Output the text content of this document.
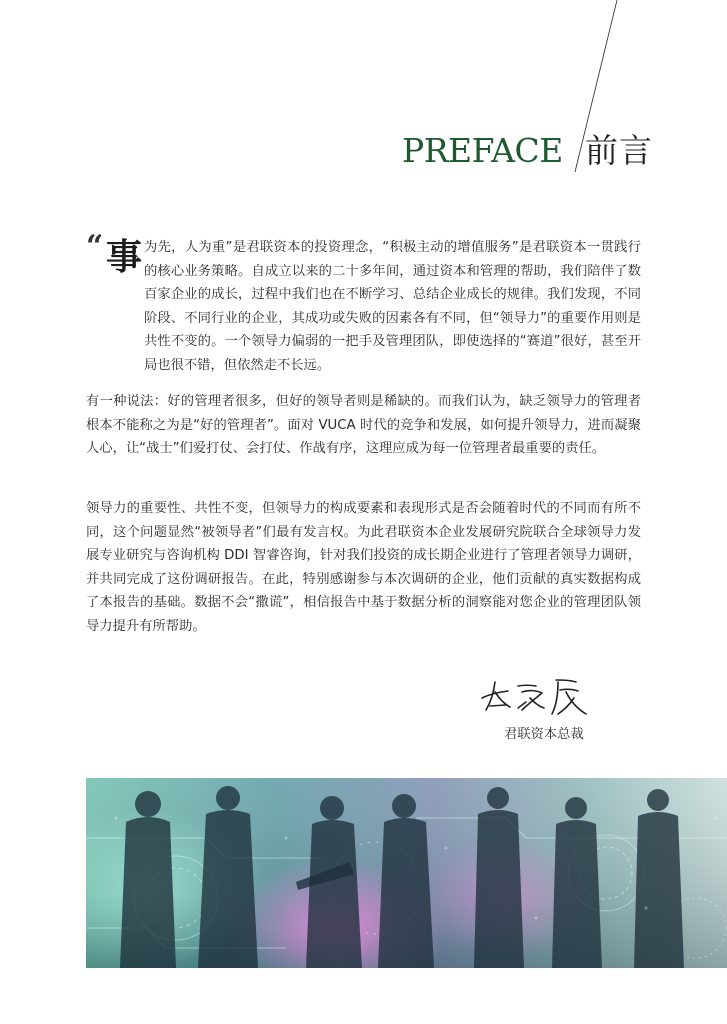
PREFACE 前言
“ 事 为先，人为重”是君联资本的投资理念，“积极主动的增值服务”是君联资本一贯践行的核心业务策略。自成立以来的二十多年间，通过资本和管理的帮助，我们陪伴了数百家企业的成长，过程中我们也在不断学习、总结企业成长的规律。我们发现，不同阶段、不同行业的企业，其成功或失败的因素各有不同，但“领导力”的重要作用则是共性不变的。一个领导力偏弱的一把手及管理团队，即使选择的“赛道”很好，甚至开局也很不错，但依然走不长远。

有一种说法：好的管理者很多，但好的领导者则是稀缺的。而我们认为，缺乏领导力的管理者根本不能称之为是“好的管理者”。面对 VUCA 时代的竞争和发展，如何提升领导力，进而凝聚人心，让“战士”们爱打仗、会打仗、作战有序，这理应成为每一位管理者最重要的责任。

领导力的重要性、共性不变，但领导力的构成要素和表现形式是否会随着时代的不同而有所不同，这个问题显然“被领导者”们最有发言权。为此君联资本企业发展研究院联合全球领导力发展专业研究与咨询机构 DDI 智睿咨询，针对我们投资的成长期企业进行了管理者领导力调研，并共同完成了这份调研报告。在此，特别感谢参与本次调研的企业，他们贡献的真实数据构成了本报告的基础。数据不会“撒谎”，相信报告中基于数据分析的洞察能对您企业的管理团队领导力提升有所帮助。

君联资本总裁
